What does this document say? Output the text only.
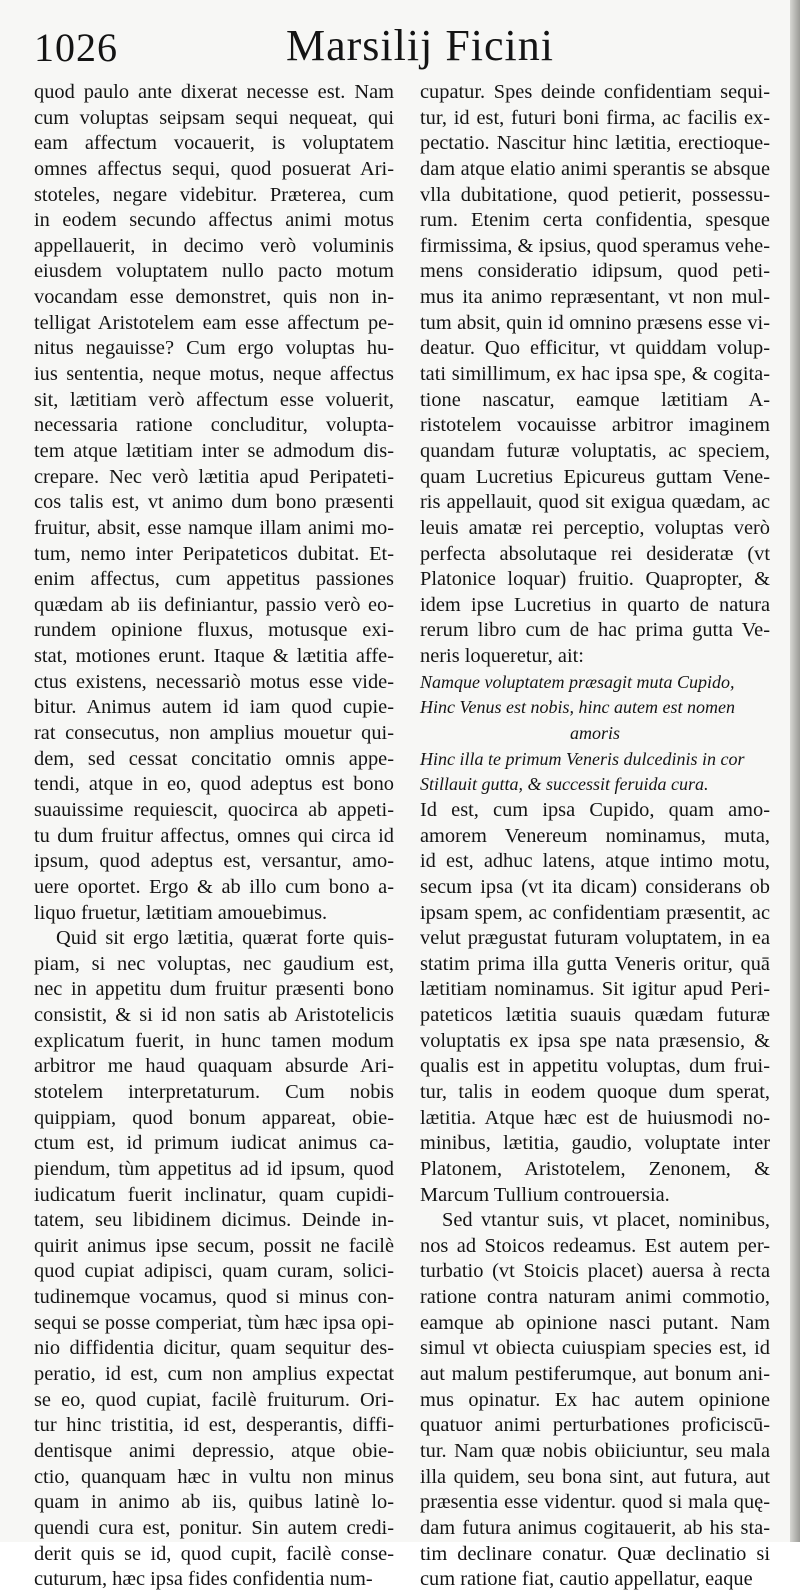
1026	Marsilij Ficini
quod paulo ante dixerat necesse est. Nam
cum voluptas seipsam sequi nequeat, qui
eam affectum vocauerit, is voluptatem
omnes affectus sequi, quod posuerat Ari-
stoteles, negare videbitur. Præterea, cum
in eodem secundo affectus animi motus
appellauerit, in decimo verò voluminis
eiusdem voluptatem nullo pacto motum
vocandam esse demonstret, quis non in-
telligat Aristotelem eam esse affectum pe-
nitus negauisse? Cum ergo voluptas hu-
ius sententia, neque motus, neque affectus
sit, lætitiam verò affectum esse voluerit,
necessaria ratione concluditur, volupta-
tem atque lætitiam inter se admodum dis-
crepare. Nec verò lætitia apud Peripateti-
cos talis est, vt animo dum bono præsenti
fruitur, absit, esse namque illam animi mo-
tum, nemo inter Peripateticos dubitat. Et-
enim affectus, cum appetitus passiones
quædam ab iis definiantur, passio verò eo-
rundem opinione fluxus, motusque exi-
stat, motiones erunt. Itaque & lætitia affe-
ctus existens, necessariò motus esse vide-
bitur. Animus autem id iam quod cupie-
rat consecutus, non amplius mouetur qui-
dem, sed cessat concitatio omnis appe-
tendi, atque in eo, quod adeptus est bono
suauissime requiescit, quocirca ab appeti-
tu dum fruitur affectus, omnes qui circa id
ipsum, quod adeptus est, versantur, amo-
uere oportet. Ergo & ab illo cum bono a-
liquo fruetur, lætitiam amouebimus.
Quid sit ergo lætitia, quærat forte quis-
piam, si nec voluptas, nec gaudium est,
nec in appetitu dum fruitur præsenti bono
consistit, & si id non satis ab Aristotelicis
explicatum fuerit, in hunc tamen modum
arbitror me haud quaquam absurde Ari-
stotelem interpretaturum. Cum nobis
quippiam, quod bonum appareat, obie-
ctum est, id primum iudicat animus ca-
piendum, tùm appetitus ad id ipsum, quod
iudicatum fuerit inclinatur, quam cupidi-
tatem, seu libidinem dicimus. Deinde in-
quirit animus ipse secum, possit ne facilè
quod cupiat adipisci, quam curam, solici-
tudinemque vocamus, quod si minus con-
sequi se posse comperiat, tùm hæc ipsa opi-
nio diffidentia dicitur, quam sequitur des-
peratio, id est, cum non amplius expectat
se eo, quod cupiat, facilè fruiturum. Ori-
tur hinc tristitia, id est, desperantis, diffi-
dentisque animi depressio, atque obie-
ctio, quanquam hæc in vultu non minus
quam in animo ab iis, quibus latinè lo-
quendi cura est, ponitur. Sin autem credi-
derit quis se id, quod cupit, facilè conse-
cuturum, hæc ipsa fides confidentia num-
cupatur. Spes deinde confidentiam sequi-
tur, id est, futuri boni firma, ac facilis ex-
pectatio. Nascitur hinc lætitia, erectioque-
dam atque elatio animi sperantis se absque
vlla dubitatione, quod petierit, possessu-
rum. Etenim certa confidentia, spesque
firmissima, & ipsius, quod speramus vehe-
mens consideratio idipsum, quod peti-
mus ita animo repræsentant, vt non mul-
tum absit, quin id omnino præsens esse vi-
deatur. Quo efficitur, vt quiddam volup-
tati simillimum, ex hac ipsa spe, & cogita-
tione nascatur, eamque lætitiam A-
ristotelem vocauisse arbitror imaginem
quandam futuræ voluptatis, ac speciem,
quam Lucretius Epicureus guttam Vene-
ris appellauit, quod sit exigua quædam, ac
leuis amatæ rei perceptio, voluptas verò
perfecta absolutaque rei desideratæ (vt
Platonice loquar) fruitio. Quapropter, &
idem ipse Lucretius in quarto de natura
rerum libro cum de hac prima gutta Ve-
neris loqueretur, ait:
Namque voluptatem præsagit muta Cupido,
Hinc Venus est nobis, hinc autem est nomen
amoris
Hinc illa te primum Veneris dulcedinis in cor
Stillauit gutta, & successit feruida cura.
Id est, cum ipsa Cupido, quam amo-
amorem Venereum nominamus, muta,
id est, adhuc latens, atque intimo motu,
secum ipsa (vt ita dicam) considerans ob
ipsam spem, ac confidentiam præsentit, ac
velut prægustat futuram voluptatem, in ea
statim prima illa gutta Veneris oritur, quā
lætitiam nominamus. Sit igitur apud Peri-
pateticos lætitia suauis quædam futuræ
voluptatis ex ipsa spe nata præsensio, &
qualis est in appetitu voluptas, dum frui-
tur, talis in eodem quoque dum sperat,
lætitia. Atque hæc est de huiusmodi no-
minibus, lætitia, gaudio, voluptate inter
Platonem, Aristotelem, Zenonem, &
Marcum Tullium controuersia.
Sed vtantur suis, vt placet, nominibus,
nos ad Stoicos redeamus. Est autem per-
turbatio (vt Stoicis placet) auersa à recta
ratione contra naturam animi commotio,
eamque ab opinione nasci putant. Nam
simul vt obiecta cuiuspiam species est, id
aut malum pestiferumque, aut bonum ani-
mus opinatur. Ex hac autem opinione
quatuor animi perturbationes proficiscū-
tur. Nam quæ nobis obiiciuntur, seu mala
illa quidem, seu bona sint, aut futura, aut
præsentia esse videntur. quod si mala quę-
dam futura animus cogitauerit, ab his sta-
tim declinare conatur. Quæ declinatio si
cum ratione fiat, cautio appellatur, eaque
